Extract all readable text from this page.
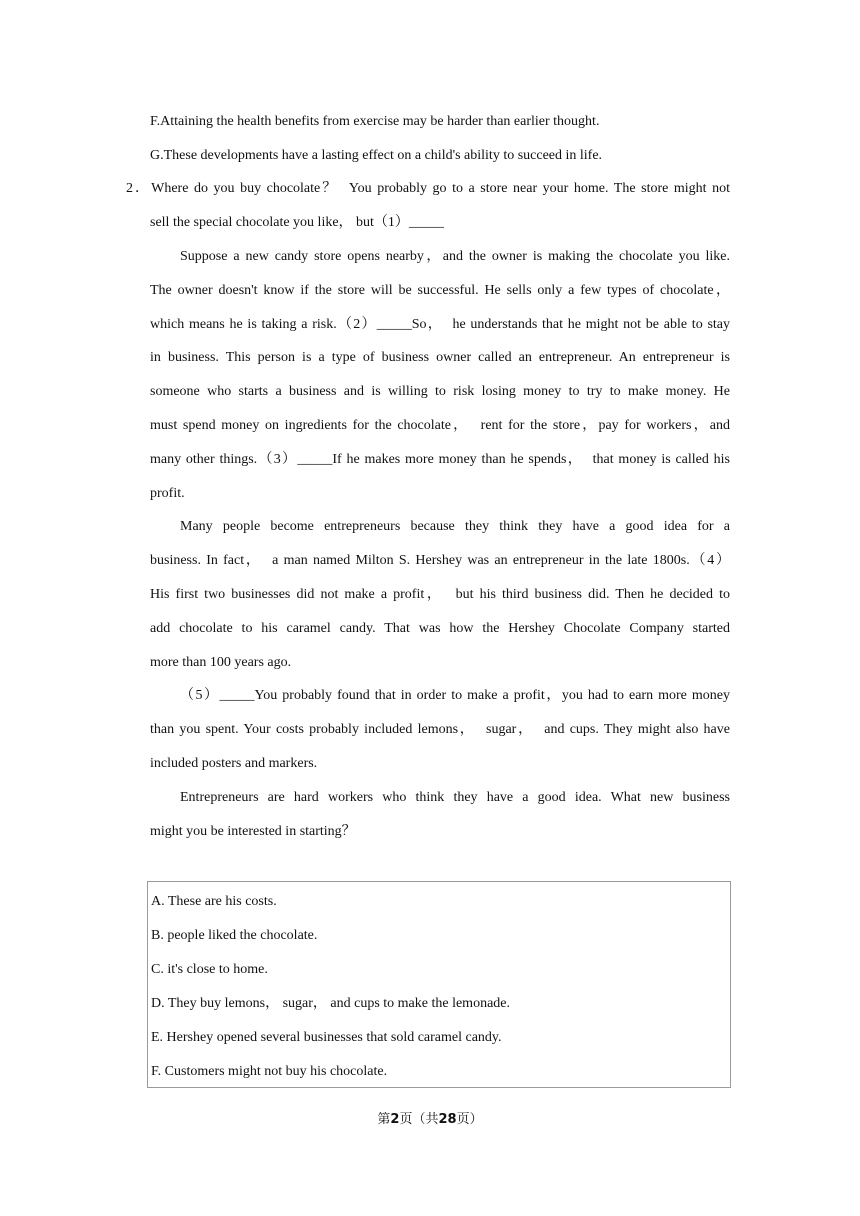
F.Attaining the health benefits from exercise may be harder than earlier thought.
G.These developments have a lasting effect on a child's ability to succeed in life.
2．Where do you buy chocolate？  You probably go to a store near your home. The store might not
sell the special chocolate you like， but（1）_____
Suppose a new candy store opens nearby，and the owner is making the chocolate you like.
The owner doesn't know if the store will be successful. He sells only a few types of chocolate，
which means he is taking a risk.（2）_____So，  he understands that he might not be able to stay
in business. This person is a type of business owner called an entrepreneur. An entrepreneur is
someone who starts a business and is willing to risk losing money to try to make money. He
must spend money on ingredients for the chocolate，  rent for the store，pay for workers，and
many other things.（3）_____If he makes more money than he spends，  that money is called his
profit.
Many people become entrepreneurs because they think they have a good idea for a
business. In fact，  a man named Milton S. Hershey was an entrepreneur in the late 1800s.（4）
His first two businesses did not make a profit，  but his third business did. Then he decided to
add chocolate to his caramel candy. That was how the Hershey Chocolate Company started
more than 100 years ago.
（5）_____You probably found that in order to make a profit，you had to earn more money
than you spent. Your costs probably included lemons，  sugar，  and cups. They might also have
included posters and markers.
Entrepreneurs are hard workers who think they have a good idea. What new business
might you be interested in starting？
A. These are his costs.
B. people liked the chocolate.
C. it's close to home.
D. They buy lemons， sugar， and cups to make the lemonade.
E. Hershey opened several businesses that sold caramel candy.
F. Customers might not buy his chocolate.
第2页（共28页）
